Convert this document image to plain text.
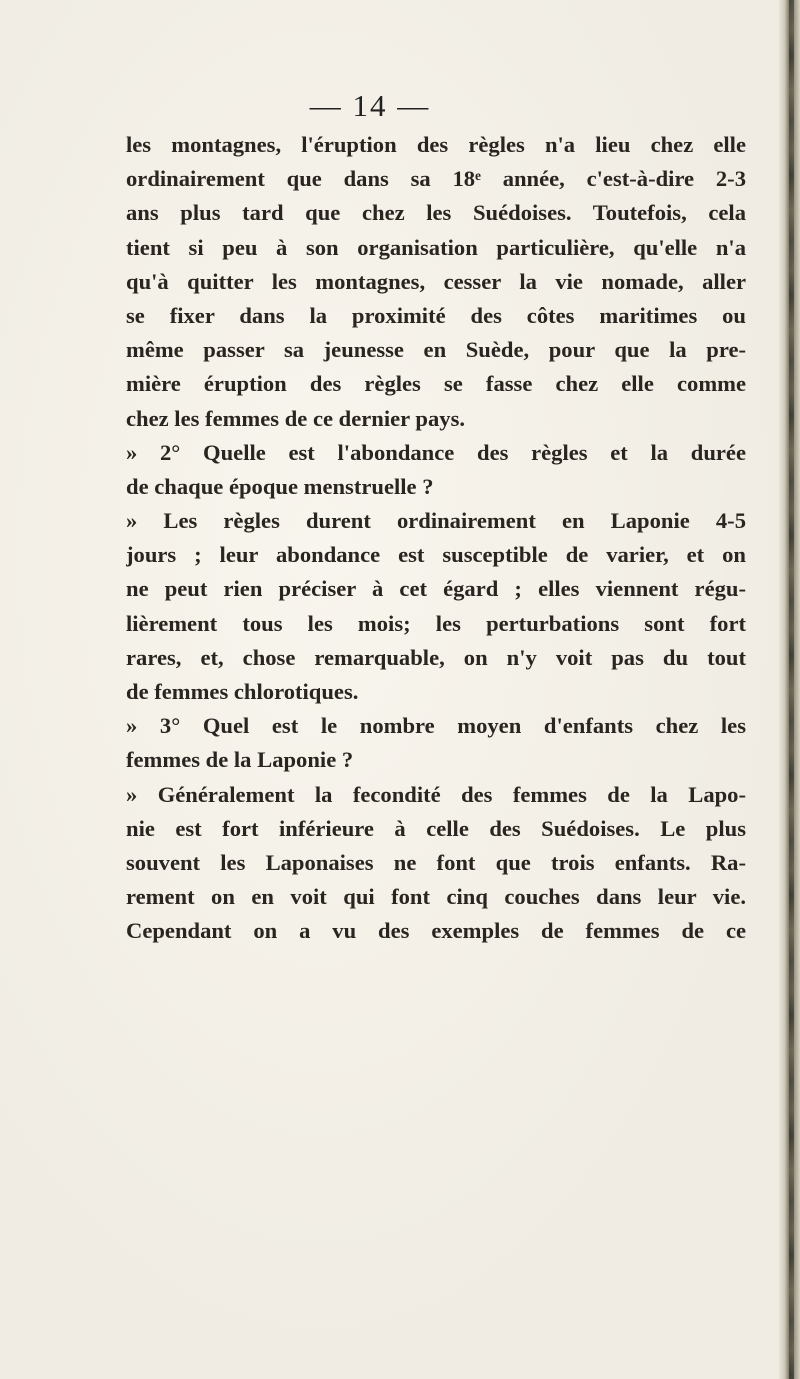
— 14 —
les montagnes, l'éruption des règles n'a lieu chez elle
ordinairement que dans sa 18ᵉ année, c'est-à-dire 2-3
ans plus tard que chez les Suédoises. Toutefois, cela
tient si peu à son organisation particulière, qu'elle n'a
qu'à quitter les montagnes, cesser la vie nomade, aller
se fixer dans la proximité des côtes maritimes ou
même passer sa jeunesse en Suède, pour que la pre-
mière éruption des règles se fasse chez elle comme
chez les femmes de ce dernier pays.
» 2° Quelle est l'abondance des règles et la durée
de chaque époque menstruelle ?
» Les règles durent ordinairement en Laponie 4-5
jours ; leur abondance est susceptible de varier, et on
ne peut rien préciser à cet égard ; elles viennent régu-
lièrement tous les mois; les perturbations sont fort
rares, et, chose remarquable, on n'y voit pas du tout
de femmes chlorotiques.
» 3° Quel est le nombre moyen d'enfants chez les
femmes de la Laponie ?
» Généralement la fecondité des femmes de la Lapo-
nie est fort inférieure à celle des Suédoises. Le plus
souvent les Laponaises ne font que trois enfants. Ra-
rement on en voit qui font cinq couches dans leur vie.
Cependant on a vu des exemples de femmes de ce
